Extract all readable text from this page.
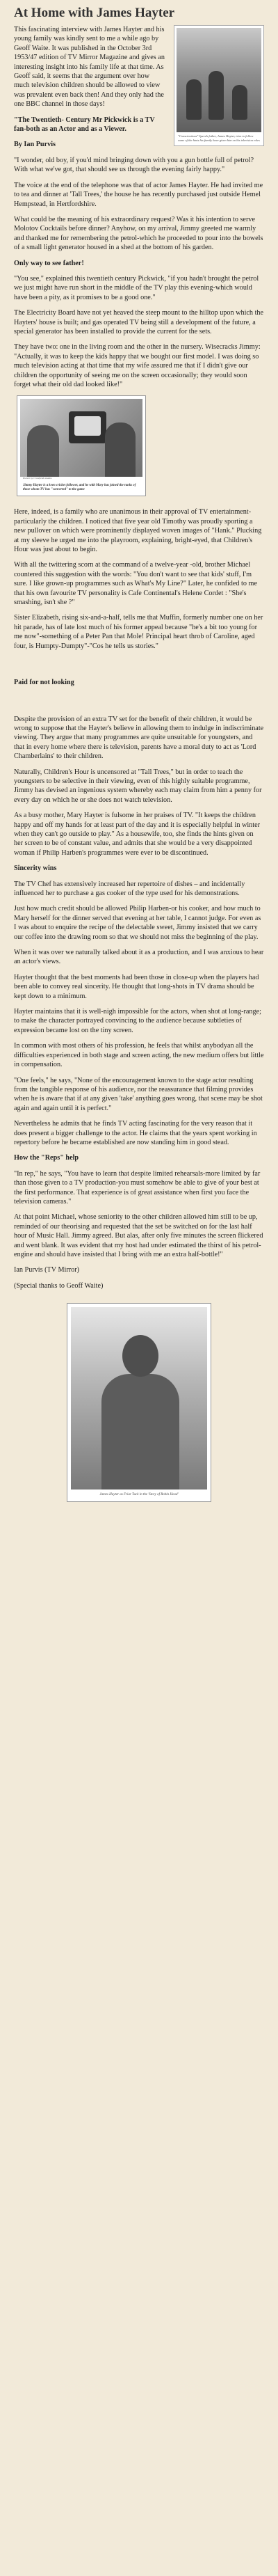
At Home with James Hayter
"Conscientious" Speech father, James Hayter, tries to follow some of the hints his family have given him on his television roles

This fascinating interview with James Hayter and his young family was kindly sent to me a while ago by Geoff Waite. It was published in the October 3rd 1953/47 edition of TV Mirror Magazine and gives an interesting insight into his family life at that time. As Geoff said, it seems that the argument over how much television children should be allowed to view was prevalent even back then! And they only had the one BBC channel in those days!

"The Twentieth- Century Mr Pickwick is a TV fan-both as an Actor and as a Viewer.

By Ian Purvis

"I wonder, old boy, if you'd mind bringing down with you a gun bottle full of petrol? With what we've got, that should see us through the evening fairly happy."

The voice at the end of the telephone was that of actor James Hayter. He had invited me to tea and dinner at 'Tall Trees,' the house he has recently purchased just outside Hemel Hempstead, in Hertfordshire.

What could be the meaning of his extraordinary request? Was it his intention to serve Molotov Cocktails before dinner? Anyhow, on my arrival, Jimmy greeted me warmly and thanked me for remembering the petrol-which he proceeded to pour into the bowels of a small light generator housed in a shed at the bottom of his garden.

Only way to see father!

"You see," explained this twentieth century Pickwick, "if you hadn't brought the petrol we just might have run short in the middle of the TV play this evening-which would have been a pity, as it promises to be a good one."

The Electricity Board have not yet heaved the steep mount to the hilltop upon which the Hayters' house is built; and gas operated TV being still a development of the future, a special generator has been installed to provide the current for the sets.

They have two: one in the living room and the other in the nursery. Wisecracks Jimmy: "Actually, it was to keep the kids happy that we bought our first model. I was doing so much television acting at that time that my wife assured me that if I didn't give our children the opportunity of seeing me on the screen occasionally; they would soon forget what their old dad looked like!"

Picture by Crossfields studios
Jimmy Hayter is a keen cricket follower, and he with Mary has joined the ranks of those whom TV has "converted" to the game

Here, indeed, is a family who are unanimous in their approval of TV entertainment-particularly the children. I noticed that five year old Timothy was proudly sporting a new pullover on which were prominently displayed woven images of "Hank." Plucking at my sleeve he urged me into the playroom, explaining, bright-eyed, that Children's Hour was just about to begin.

With all the twittering scorn at the command of a twelve-year -old, brother Michael countered this suggestion with the words: "You don't want to see that kids' stuff, I'm sure. I like grown-up programmes such as What's My Line?" Later, he confided to me that his own favourite TV personality is Cafe Continental's Helene Cordet : "She's smashing, isn't she ?"

Sister Elizabeth, rising six-and-a-half, tells me that Muffin, formerly number one on her hit parade, has of late lost much of his former appeal because "he's a bit too young for me now"-something of a Peter Pan that Mole! Principal heart throb of Caroline, aged four, is Humpty-Dumpty"-"Cos he tells us stories."

Paid for not looking

Despite the provision of an extra TV set for the benefit of their children, it would be wrong to suppose that the Hayter's believe in allowing them to indulge in indiscriminate viewing. They argue that many programmes are quite unsuitable for youngsters, and that in every home where there is television, parents have a moral duty to act as 'Lord Chamberlains' to their children.

Naturally, Children's Hour is uncensored at "Tall Trees," but in order to teach the youngsters to be selective in their viewing, even of this highly suitable programme, Jimmy has devised an ingenious system whereby each may claim from him a penny for every day on which he or she does not watch television.

As a busy mother, Mary Hayter is fulsome in her praises of TV. "It keeps the children happy and off my hands for at least part of the day and it is especially helpful in winter when they can't go outside to play." As a housewife, too, she finds the hints given on her screen to be of constant value, and admits that she would be a very disappointed woman if Philip Harben's programmes were ever to be discontinued.

Sincerity wins

The TV Chef has extensively increased her repertoire of dishes – and incidentally influenced her to purchase a gas cooker of the type used for his demonstrations.

Just how much credit should be allowed Philip Harben-or his cooker, and how much to Mary herself for the dinner served that evening at her table, I cannot judge. For even as I was about to enquire the recipe of the delectable sweet, Jimmy insisted that we carry our coffee into the drawing room so that we should not miss the beginning of the play.

When it was over we naturally talked about it as a production, and I was anxious to hear an actor's views.

Hayter thought that the best moments had been those in close-up when the players had been able to convey real sincerity. He thought that long-shots in TV drama should be kept down to a minimum.

Hayter maintains that it is well-nigh impossible for the actors, when shot at long-range; to make the character portrayed convincing to the audience because subtleties of expression became lost on the tiny screen.

In common with most others of his profession, he feels that whilst anybodyan all the difficulties experienced in both stage and screen acting, the new medium offers but little in compensation.

"One feels," he says, "None of the encouragement known to the stage actor resulting from the tangible response of his audience, nor the reassurance that filming provides when he is aware that if at any given 'take' anything goes wrong, that scene may be shot again and again until it is perfect."

Nevertheless he admits that he finds TV acting fascinating for the very reason that it does present a bigger challenge to the actor. He claims that the years spent working in repertory before he became established are now standing him in good stead.

How the "Reps" help

"In rep," he says, "You have to learn that despite limited rehearsals-more limited by far than those given to a TV production-you must somehow be able to give of your best at the first performance. That experience is of great assistance when first you face the television cameras."

At that point Michael, whose seniority to the other children allowed him still to be up, reminded of our theorising and requested that the set be switched on for the last half hour of Music Hall. Jimmy agreed. But alas, after only five minutes the screen flickered and went blank. It was evident that my host had under estimated the thirst of his petrol-engine and should have insisted that I bring with me an extra half-bottle!"

Ian Purvis (TV Mirror)

(Special thanks to Geoff Waite)

James Hayter as Friar Tuck in the 'Story of Robin Hood'
